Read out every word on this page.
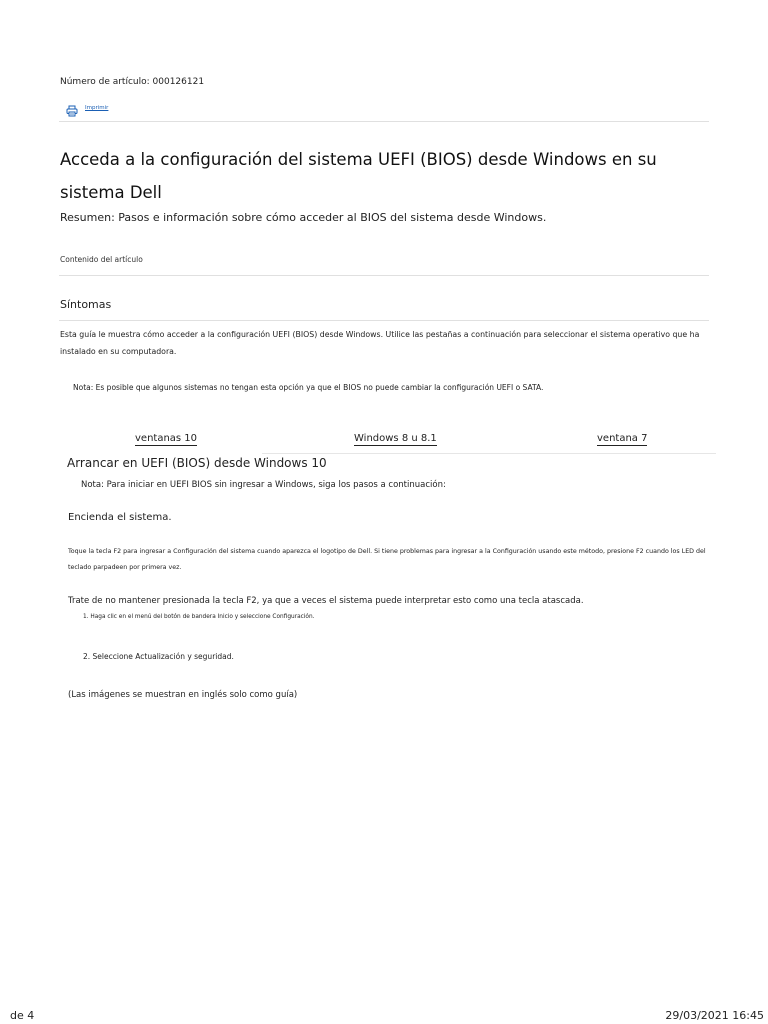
Número de artículo: 000126121
Imprimir
Acceda a la configuración del sistema UEFI (BIOS) desde Windows en su sistema Dell
Resumen: Pasos e información sobre cómo acceder al BIOS del sistema desde Windows.
Contenido del artículo
Síntomas
Esta guía le muestra cómo acceder a la configuración UEFI (BIOS) desde Windows. Utilice las pestañas a continuación para seleccionar el sistema operativo que ha instalado en su computadora.
Nota: Es posible que algunos sistemas no tengan esta opción ya que el BIOS no puede cambiar la configuración UEFI o SATA.
ventanas 10	Windows 8 u 8.1	ventana 7
Arrancar en UEFI (BIOS) desde Windows 10
Nota: Para iniciar en UEFI BIOS sin ingresar a Windows, siga los pasos a continuación:
Encienda el sistema.
Toque la tecla F2 para ingresar a Configuración del sistema cuando aparezca el logotipo de Dell. Si tiene problemas para ingresar a la Configuración usando este método, presione F2 cuando los LED del teclado parpadeen por primera vez.
Trate de no mantener presionada la tecla F2, ya que a veces el sistema puede interpretar esto como una tecla atascada.
1. Haga clic en el menú del botón de bandera Inicio y seleccione Configuración.
2. Seleccione Actualización y seguridad.
(Las imágenes se muestran en inglés solo como guía)
de 4	29/03/2021 16:45
